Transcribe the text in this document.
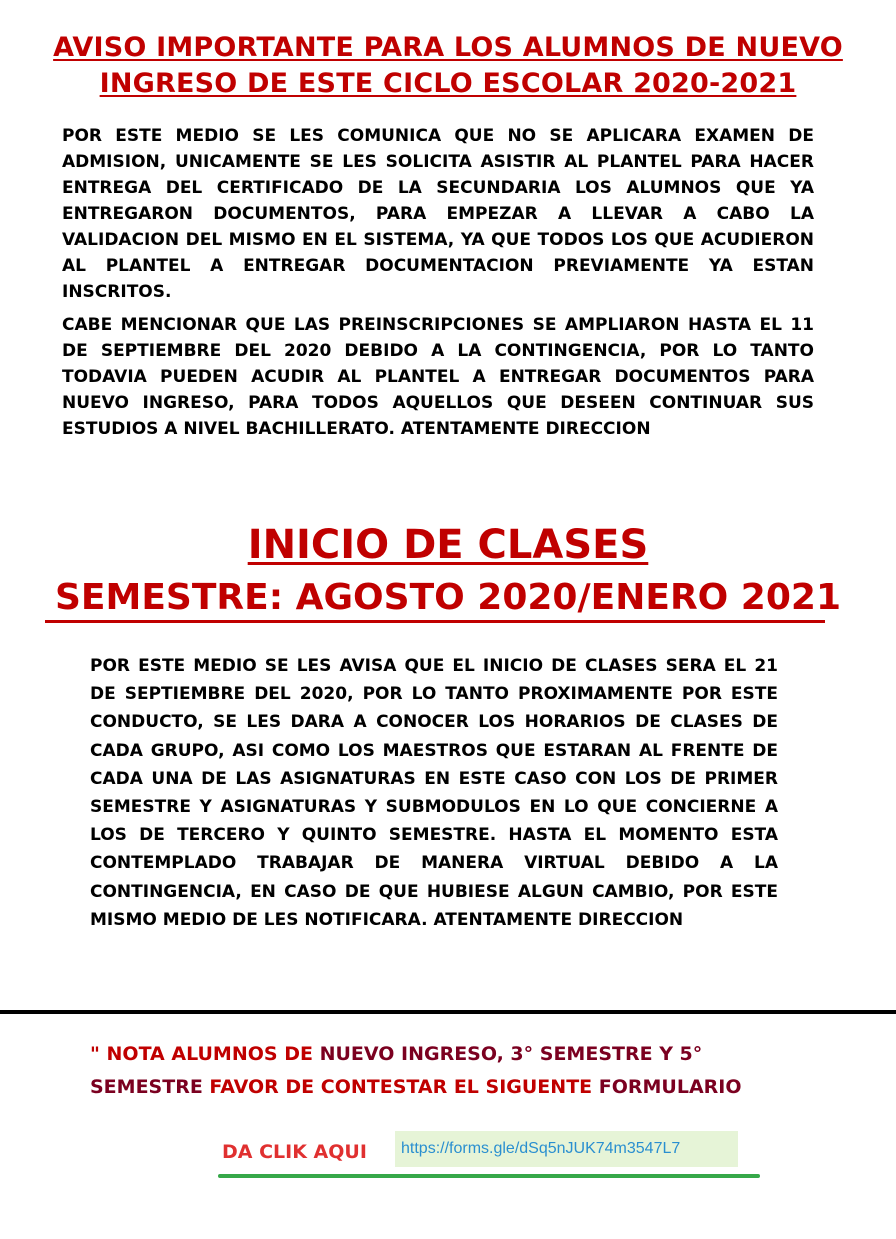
AVISO IMPORTANTE PARA LOS ALUMNOS DE NUEVO
INGRESO DE ESTE CICLO ESCOLAR 2020-2021

POR ESTE MEDIO SE LES COMUNICA QUE NO SE APLICARA EXAMEN DE ADMISION, UNICAMENTE SE LES SOLICITA ASISTIR AL PLANTEL PARA HACER ENTREGA DEL CERTIFICADO DE LA SECUNDARIA LOS ALUMNOS QUE YA ENTREGARON DOCUMENTOS, PARA EMPEZAR A LLEVAR A CABO LA VALIDACION DEL MISMO EN EL SISTEMA, YA QUE TODOS LOS QUE ACUDIERON AL PLANTEL A ENTREGAR DOCUMENTACION PREVIAMENTE YA ESTAN INSCRITOS.

CABE MENCIONAR QUE LAS PREINSCRIPCIONES SE AMPLIARON HASTA EL 11 DE SEPTIEMBRE DEL 2020 DEBIDO A LA CONTINGENCIA, POR LO TANTO TODAVIA PUEDEN ACUDIR AL PLANTEL A ENTREGAR DOCUMENTOS PARA NUEVO INGRESO, PARA TODOS AQUELLOS QUE DESEEN CONTINUAR SUS ESTUDIOS A NIVEL BACHILLERATO. ATENTAMENTE DIRECCION

INICIO DE CLASES
SEMESTRE: AGOSTO 2020/ENERO 2021

POR ESTE MEDIO SE LES AVISA QUE EL INICIO DE CLASES SERA EL 21 DE SEPTIEMBRE DEL 2020, POR LO TANTO PROXIMAMENTE POR ESTE CONDUCTO, SE LES DARA A CONOCER LOS HORARIOS DE CLASES DE CADA GRUPO, ASI COMO LOS MAESTROS QUE ESTARAN AL FRENTE DE CADA UNA DE LAS ASIGNATURAS EN ESTE CASO CON LOS DE PRIMER SEMESTRE Y ASIGNATURAS Y SUBMODULOS EN LO QUE CONCIERNE A LOS DE TERCERO Y QUINTO SEMESTRE. HASTA EL MOMENTO ESTA CONTEMPLADO TRABAJAR DE MANERA VIRTUAL DEBIDO A LA CONTINGENCIA, EN CASO DE QUE HUBIESE ALGUN CAMBIO, POR ESTE MISMO MEDIO DE LES NOTIFICARA. ATENTAMENTE DIRECCION

" NOTA ALUMNOS DE NUEVO INGRESO, 3° SEMESTRE Y 5° SEMESTRE FAVOR DE CONTESTAR EL SIGUENTE FORMULARIO
DA CLIK AQUI	https://forms.gle/dSq5nJUK74m3547L7
